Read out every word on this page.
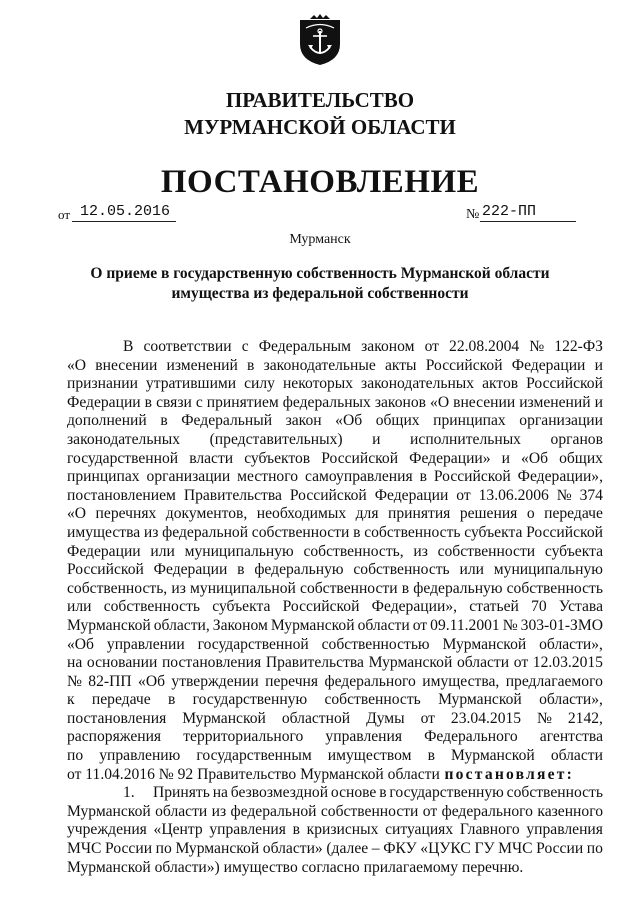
ПРАВИТЕЛЬСТВО
МУРМАНСКОЙ ОБЛАСТИ
ПОСТАНОВЛЕНИЕ
от 12.05.2016	№ 222-ПП
Мурманск
О приеме в государственную собственность Мурманской области
имущества из федеральной собственности
В соответствии с Федеральным законом от 22.08.2004 № 122-ФЗ
«О внесении изменений в законодательные акты Российской Федерации и
признании утратившими силу некоторых законодательных актов Российской
Федерации в связи с принятием федеральных законов «О внесении изменений и
дополнений в Федеральный закон «Об общих принципах организации
законодательных (представительных) и исполнительных органов
государственной власти субъектов Российской Федерации» и «Об общих
принципах организации местного самоуправления в Российской Федерации»,
постановлением Правительства Российской Федерации от 13.06.2006 № 374
«О перечнях документов, необходимых для принятия решения о передаче
имущества из федеральной собственности в собственность субъекта Российской
Федерации или муниципальную собственность, из собственности субъекта
Российской Федерации в федеральную собственность или муниципальную
собственность, из муниципальной собственности в федеральную собственность
или собственность субъекта Российской Федерации», статьей 70 Устава
Мурманской области, Законом Мурманской области от 09.11.2001 № 303-01-ЗМО
«Об управлении государственной собственностью Мурманской области»,
на основании постановления Правительства Мурманской области от 12.03.2015
№ 82-ПП «Об утверждении перечня федерального имущества, предлагаемого
к передаче в государственную собственность Мурманской области»,
постановления Мурманской областной Думы от 23.04.2015 № 2142,
распоряжения территориального управления Федерального агентства
по управлению государственным имуществом в Мурманской области
от 11.04.2016 № 92 Правительство Мурманской области постановляет:
1. Принять на безвозмездной основе в государственную собственность
Мурманской области из федеральной собственности от федерального казенного
учреждения «Центр управления в кризисных ситуациях Главного управления
МЧС России по Мурманской области» (далее – ФКУ «ЦУКС ГУ МЧС России по
Мурманской области») имущество согласно прилагаемому перечню.
